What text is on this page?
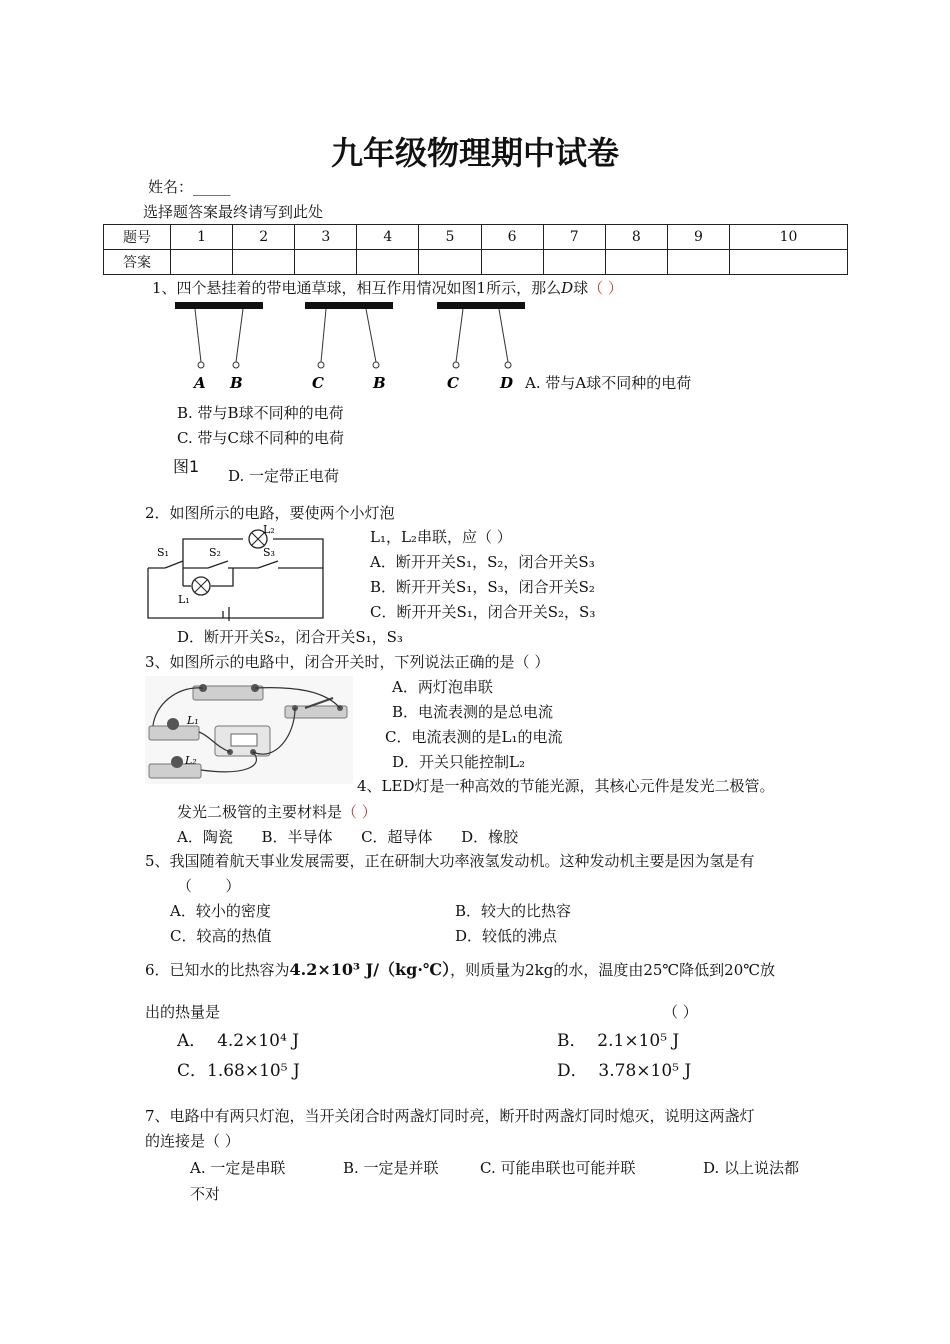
九年级物理期中试卷
姓名：_____
选择题答案最终请写到此处
题号	1	2	3	4	5	6	7	8	9	10
答案										
1、四个悬挂着的带电通草球，相互作用情况如图1所示，那么D球（ ）
A B	C	B	C	D A. 带与A球不同种的电荷
B. 带与B球不同种的电荷
C. 带与C球不同种的电荷
图1 D. 一定带正电荷
2．如图所示的电路，要使两个小灯泡
L₁，L₂串联，应（ ）
S₁	S₂	S₃
L₂
L₁
A．断开开关S₁，S₂，闭合开关S₃
B．断开开关S₁，S₃，闭合开关S₂
C．断开开关S₁，闭合开关S₂，S₃
D．断开开关S₂，闭合开关S₁，S₃
3、如图所示的电路中，闭合开关时，下列说法正确的是（ ）
L₁
L₂
A．两灯泡串联
B．电流表测的是总电流
C．电流表测的是L₁的电流
D．开关只能控制L₂
4、LED灯是一种高效的节能光源，其核心元件是发光二极管。
发光二极管的主要材料是（ ）
A．陶瓷      B．半导体      C．超导体      D．橡胶
5、我国随着航天事业发展需要，正在研制大功率液氢发动机。这种发动机主要是因为氢是有
（       ）
A．较小的密度	B．较大的比热容
C．较高的热值	D．较低的沸点
6．已知水的比热容为4.2×10³ J/（kg·℃），则质量为2kg的水，温度由25℃降低到20℃放
出的热量是	（ ）
A．  4.2×10⁴ J	B．  2.1×10⁵ J
C．1.68×10⁵ J	D．  3.78×10⁵ J
7、电路中有两只灯泡，当开关闭合时两盏灯同时亮，断开时两盏灯同时熄灭，说明这两盏灯
的连接是（ ）
A. 一定是串联	B. 一定是并联	C. 可能串联也可能并联	D. 以上说法都
不对
